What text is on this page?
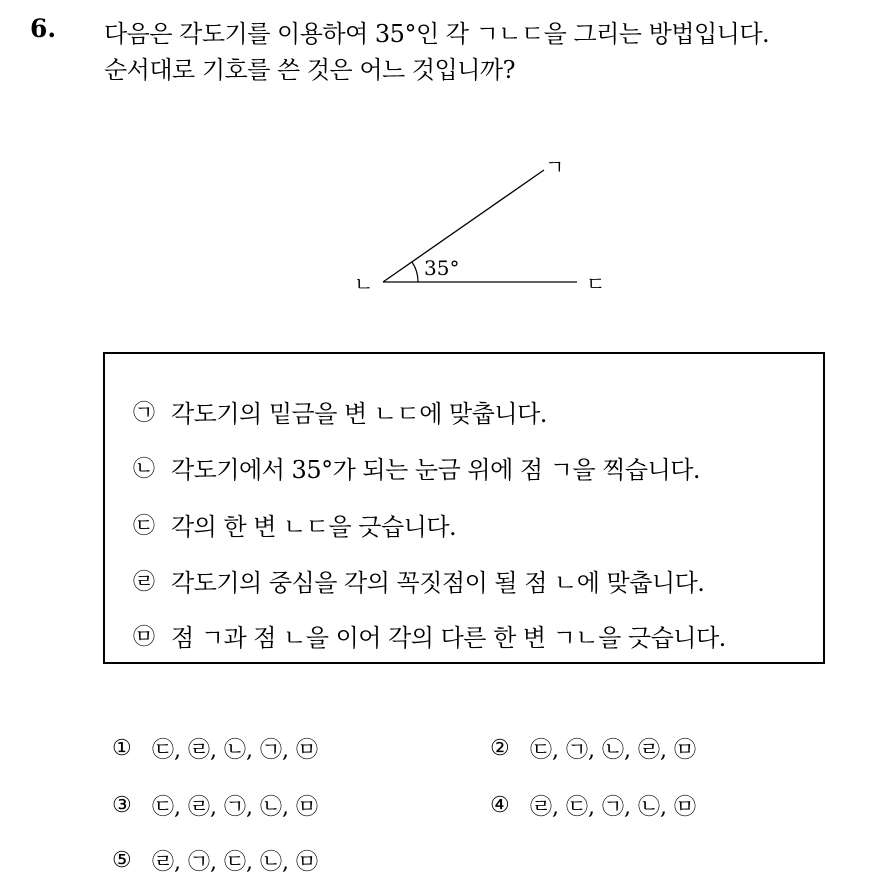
6. 다음은 각도기를 이용하여 35°인 각 ㄱㄴㄷ을 그리는 방법입니다.
순서대로 기호를 쓴 것은 어느 것입니까?
35°
ㄱ
ㄴ	ㄷ
㉠ 각도기의 밑금을 변 ㄴㄷ에 맞춥니다.
㉡ 각도기에서 35°가 되는 눈금 위에 점 ㄱ을 찍습니다.
㉢ 각의 한 변 ㄴㄷ을 긋습니다.
㉣ 각도기의 중심을 각의 꼭짓점이 될 점 ㄴ에 맞춥니다.
㉤ 점 ㄱ과 점 ㄴ을 이어 각의 다른 한 변 ㄱㄴ을 긋습니다.
① ㉢, ㉣, ㉡, ㉠, ㉤	② ㉢, ㉠, ㉡, ㉣, ㉤
③ ㉢, ㉣, ㉠, ㉡, ㉤	④ ㉣, ㉢, ㉠, ㉡, ㉤
⑤ ㉣, ㉠, ㉢, ㉡, ㉤
